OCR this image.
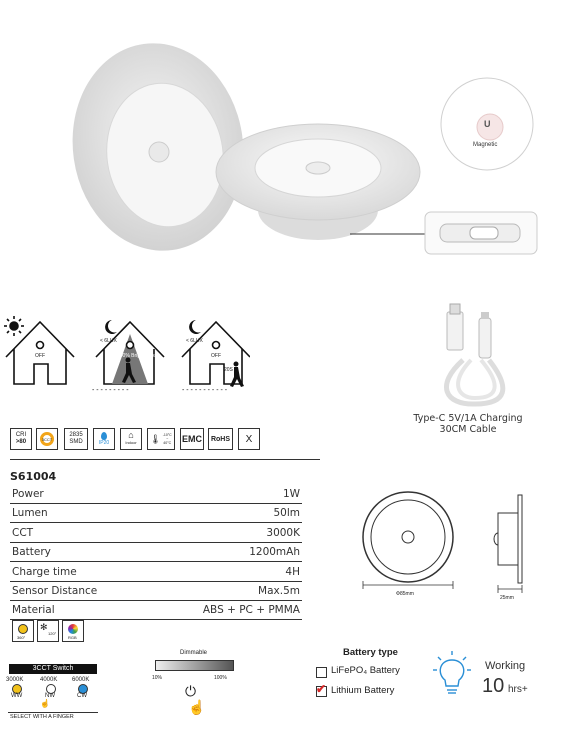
U
Magnetic
- - - - - - - - -	- - - - - - - - - - -
OFF
< 6LUX
100% Brightness
< 6LUX
OFF
20S
Type-C 5V/1A Charging
30CM Cable
CRI
>80	3CCT
2835
SMD	IP20
⌂
Indoor 🌡︎ -10°C ~ 40°C EMC	RoHS	X
S61004
Power	1W
Lumen	50lm
CCT	3000K
Battery	1200mAh
Charge time	4H
Sensor Distance	Max.5m
Material	ABS + PC + PMMA
Φ85mm
25mm
360°
✻
120°
RGB
3CCT Switch
3000K
WW
4000K
NW
6000K
CW
☝
SELECT WITH A FINGER
Dimmable
10%	100%
⏻
☝
Battery type
LiFePO₄ Battery
✔ Lithium Battery
Working
10 hrs+
